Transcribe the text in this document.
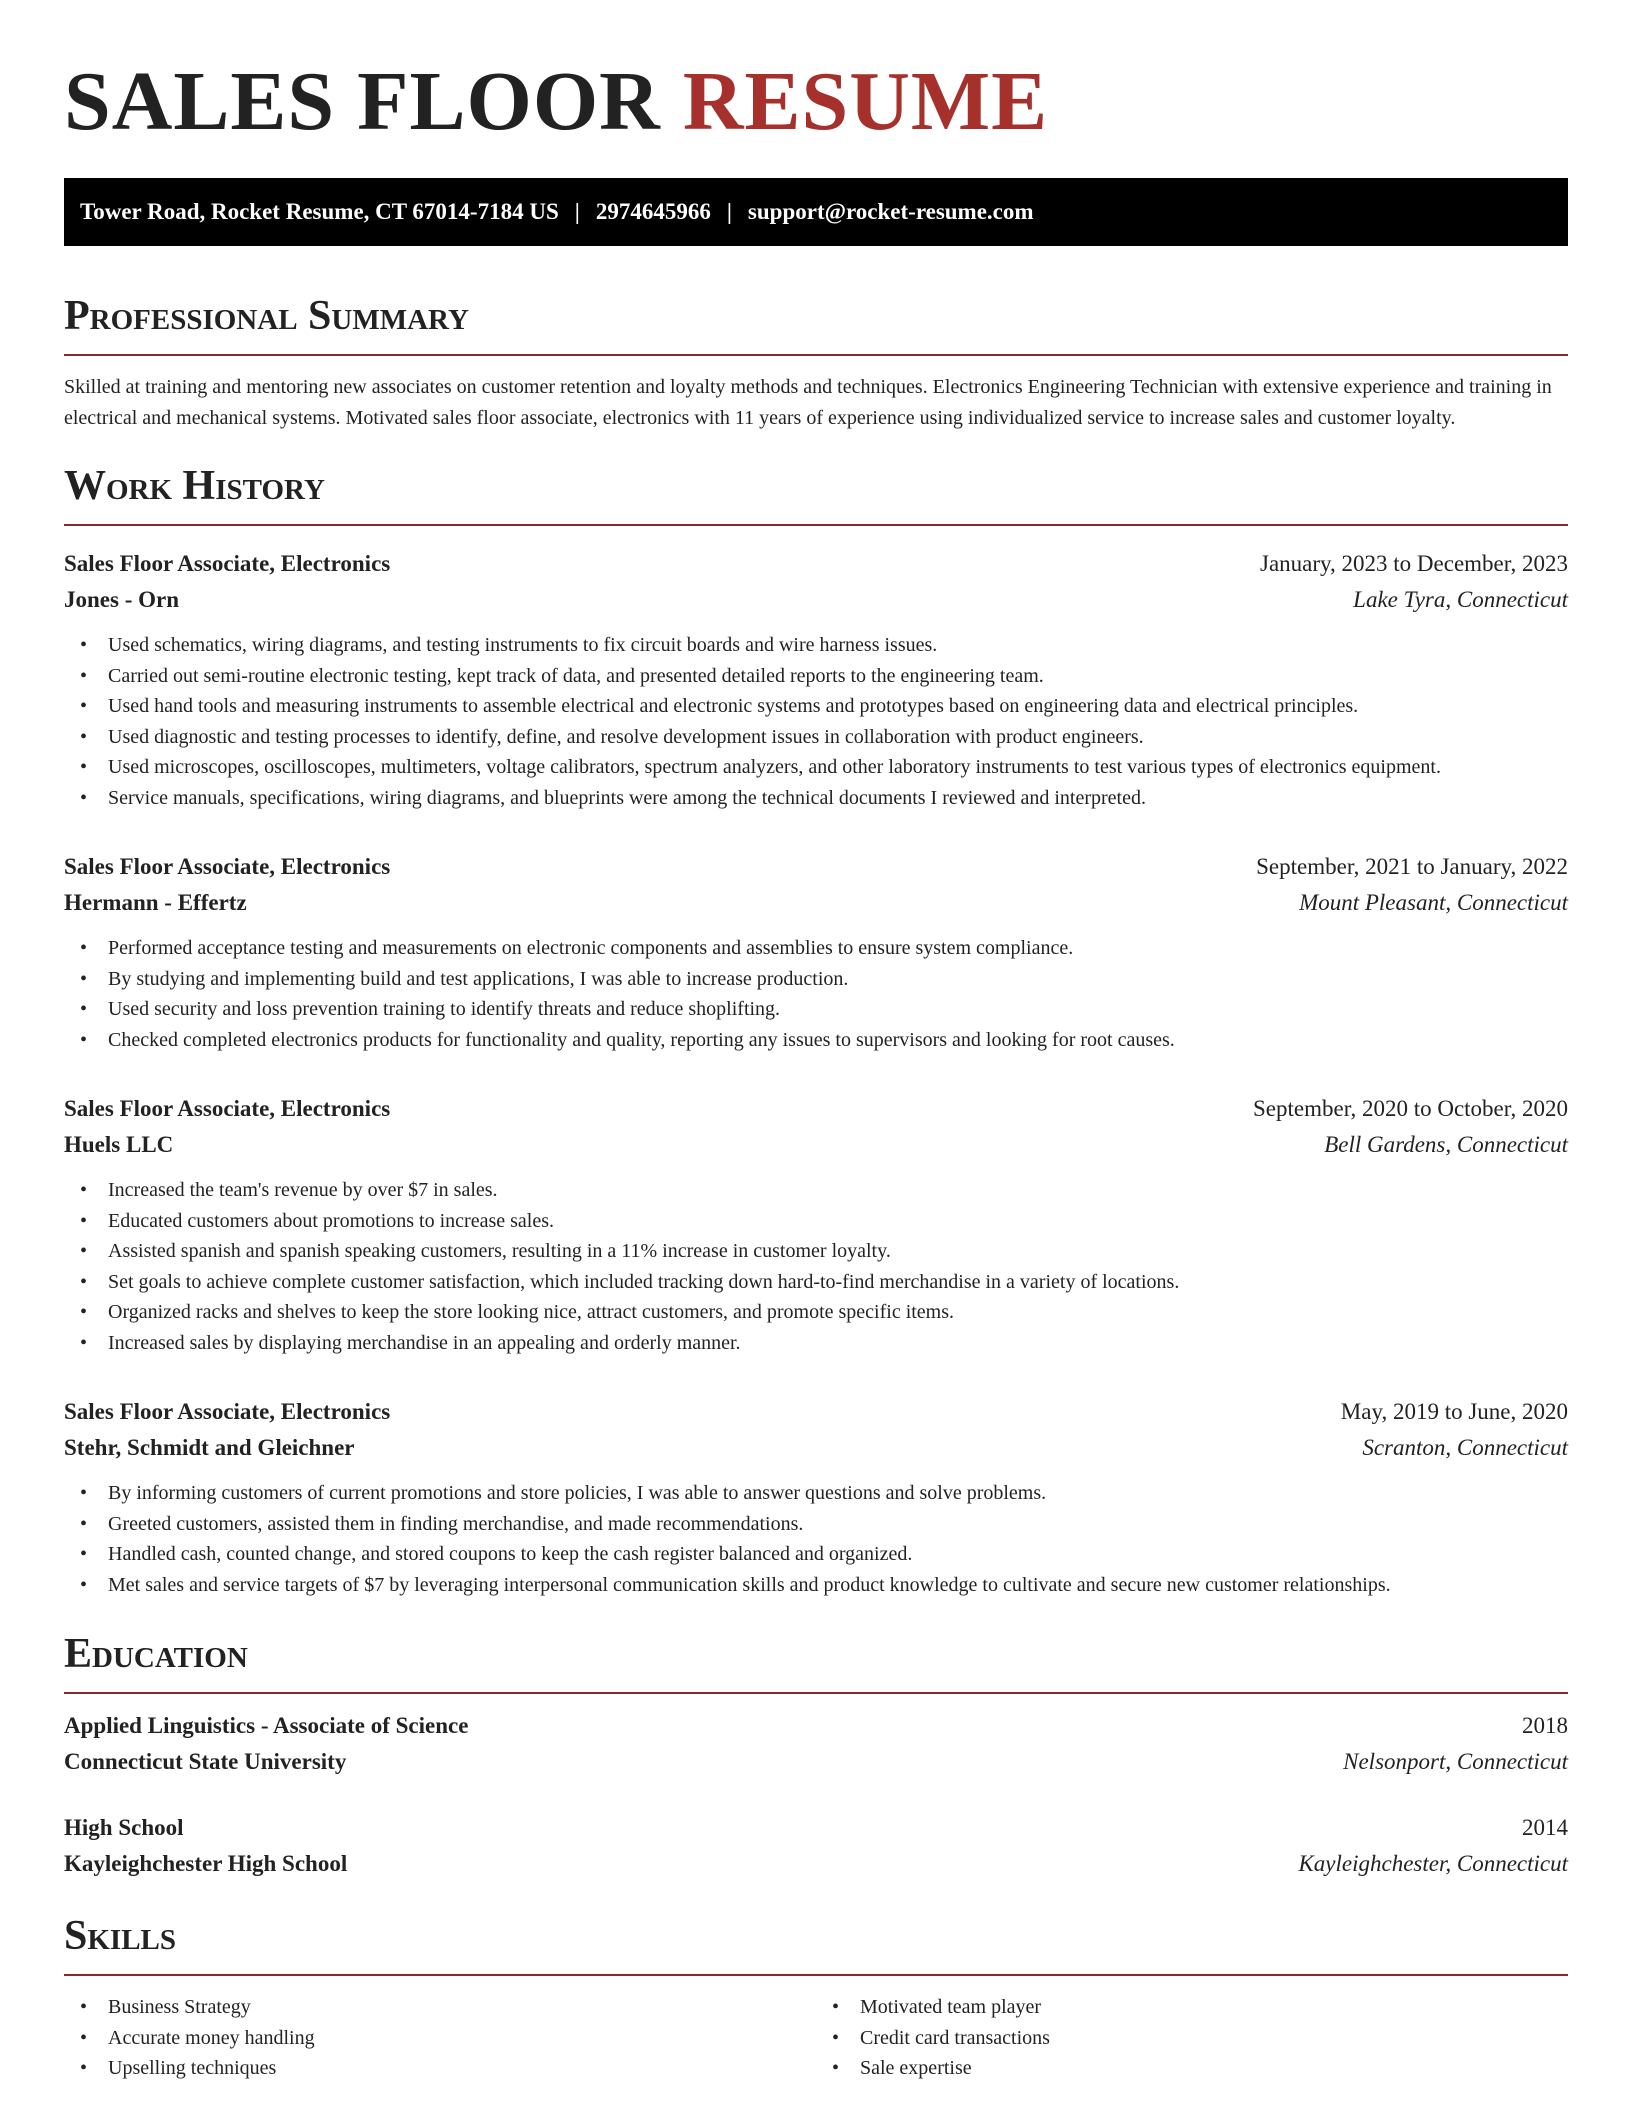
SALES FLOOR RESUME
Tower Road, Rocket Resume, CT 67014-7184 US | 2974645966 | support@rocket-resume.com
Professional Summary
Skilled at training and mentoring new associates on customer retention and loyalty methods and techniques. Electronics Engineering Technician with extensive experience and training in electrical and mechanical systems. Motivated sales floor associate, electronics with 11 years of experience using individualized service to increase sales and customer loyalty.
Work History
Sales Floor Associate, Electronics	January, 2023 to December, 2023
Jones - Orn	Lake Tyra, Connecticut
• Used schematics, wiring diagrams, and testing instruments to fix circuit boards and wire harness issues.
• Carried out semi-routine electronic testing, kept track of data, and presented detailed reports to the engineering team.
• Used hand tools and measuring instruments to assemble electrical and electronic systems and prototypes based on engineering data and electrical principles.
• Used diagnostic and testing processes to identify, define, and resolve development issues in collaboration with product engineers.
• Used microscopes, oscilloscopes, multimeters, voltage calibrators, spectrum analyzers, and other laboratory instruments to test various types of electronics equipment.
• Service manuals, specifications, wiring diagrams, and blueprints were among the technical documents I reviewed and interpreted.
Sales Floor Associate, Electronics	September, 2021 to January, 2022
Hermann - Effertz	Mount Pleasant, Connecticut
• Performed acceptance testing and measurements on electronic components and assemblies to ensure system compliance.
• By studying and implementing build and test applications, I was able to increase production.
• Used security and loss prevention training to identify threats and reduce shoplifting.
• Checked completed electronics products for functionality and quality, reporting any issues to supervisors and looking for root causes.
Sales Floor Associate, Electronics	September, 2020 to October, 2020
Huels LLC	Bell Gardens, Connecticut
• Increased the team's revenue by over $7 in sales.
• Educated customers about promotions to increase sales.
• Assisted spanish and spanish speaking customers, resulting in a 11% increase in customer loyalty.
• Set goals to achieve complete customer satisfaction, which included tracking down hard-to-find merchandise in a variety of locations.
• Organized racks and shelves to keep the store looking nice, attract customers, and promote specific items.
• Increased sales by displaying merchandise in an appealing and orderly manner.
Sales Floor Associate, Electronics	May, 2019 to June, 2020
Stehr, Schmidt and Gleichner	Scranton, Connecticut
• By informing customers of current promotions and store policies, I was able to answer questions and solve problems.
• Greeted customers, assisted them in finding merchandise, and made recommendations.
• Handled cash, counted change, and stored coupons to keep the cash register balanced and organized.
• Met sales and service targets of $7 by leveraging interpersonal communication skills and product knowledge to cultivate and secure new customer relationships.
Education
Applied Linguistics - Associate of Science	2018
Connecticut State University	Nelsonport, Connecticut
High School	2014
Kayleighchester High School	Kayleighchester, Connecticut
Skills
• Business Strategy
• Accurate money handling
• Upselling techniques
• Motivated team player
• Credit card transactions
• Sale expertise
